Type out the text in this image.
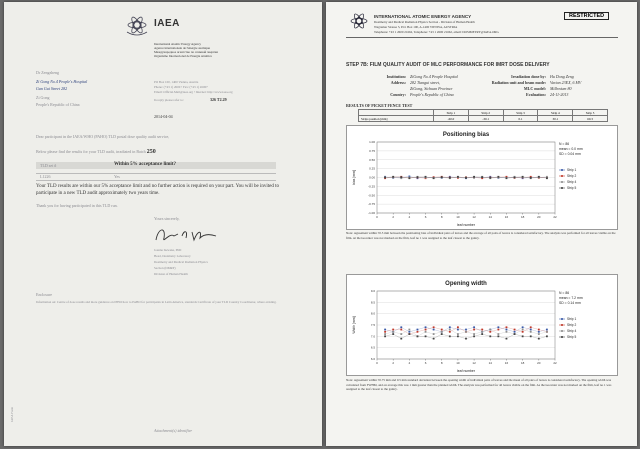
IAEA
International Atomic Energy Agency
Agence internationale de l'énergie atomique
Международное агентство по атомной энергии
Organismo Internacional de Energía Atómica
Dr Zengzheng
Zi Gong No.4 People's Hospital
Gan Gui Street 282
Zi Gong
People's Republic of China
PO Box 100, 1400 Vienna, Austria
Phone: (+43 1) 2600 • Fax: (+43 1) 26007
Email: Official.Mail@iaea.org • Internet: http://www.iaea.org
In reply please refer to:	326 T2.29
2014-04-04
Dear participant in the IAEA/WHO (PAHO) TLD postal dose quality audit service,
Below please find the results for your TLD audit, irradiated in Batch 250
TLD set #	Within 5% acceptance limit?
L1226	Yes
Your TLD results are within our 5% acceptance limit and no further action is required on your part. You will be invited to participate in a new TLD audit approximately two years time.
Thank you for having participated in this TLD run.
Yours sincerely,
Joanna Izewska, PhD
Head, Dosimetry Laboratory
Dosimetry and Medical Radiation Physics
Section (DMRP)
Division of Human Health
Enclosure
Information on: Centre of dose results and more guidance on IPHO how to PAHO for participants in Latin America, standards Certificate of your TLD Country Coordinator, where existing.
Attachment(s) identifier
IAEA Form
INTERNATIONAL ATOMIC ENERGY AGENCY
Dosimetry and Medical Radiation Physics Section - Division of Human Health
Wagramer Strasse 5, P.O. Box 100, A-1400 VIENNA, AUSTRIA
Telephone: +43 1 2600 21662, Telephone: +43 1 2600 21662, email: DOSIMETRY@IAEA.ORG
RESTRICTED
STEP 7B: FILM QUALITY AUDIT OF MLC PERFORMANCE FOR IMRT DOSE DELIVERY
Institution: ZiGong No.4 People Hospital
Address: 282 Tiangui street,
ZiGong, Sichuan Province
Country: People's Republic of China
Irradiation done by: Hu Dong Zeng
Radiation unit and beam mode: Varian 23EX, 6 MV
MLC model: Millenium 80
Evaluation: 24-11-2013
RESULTS OF PICKET FENCE TEST
	Strip 1	Strip 2	Strip 3	Strip 4	Strip 5
Strips position [mm]	-60.0	-30.1	0.1	30.1	60.3
Positioning bias
1.00
0.75
0.50
0.25
0.00
-0.25
-0.50
-0.75
-1.00
0	2	4	6	8	10	12	14	16	18	20	22
leaf number
bias [mm]
N = 86
mean = 0.0 mm
SD = 0.04 mm
Strip 1
Strip 2
Strip 4
Strip 5
Note: Agreement within ±0.5 mm between the positioning bias of individual pairs of leaves and the average of all pairs of leaves is considered satisfactory. The analysis was performed for all leaves visible on the film. At the isocenter was not marked on the film, leaf no 1 was assigned to the leaf closest to the gantry.
Opening width
9.0
8.5
8.0
7.5
7.0
6.5
6.0
0	2	4	6	8	10	12	14	16	18	20	22
leaf number
Width [mm]
N = 86
mean = 7.2 mm
SD = 0.14 mm
Strip 1
Strip 2
Strip 4
Strip 5
Note: Agreement within ±0.75 mm and 0.5 mm standard deviation between the opening width of individual pairs of leaves and the mean of all pairs of leaves is considered satisfactory. The opening width was calculated from FWHM, and on average this was 1 mm greater than the planned width. The analysis was performed for all leaves visible on the film. As the isocenter was not marked on the film, leaf no 1 was assigned to the leaf closest to the gantry.
